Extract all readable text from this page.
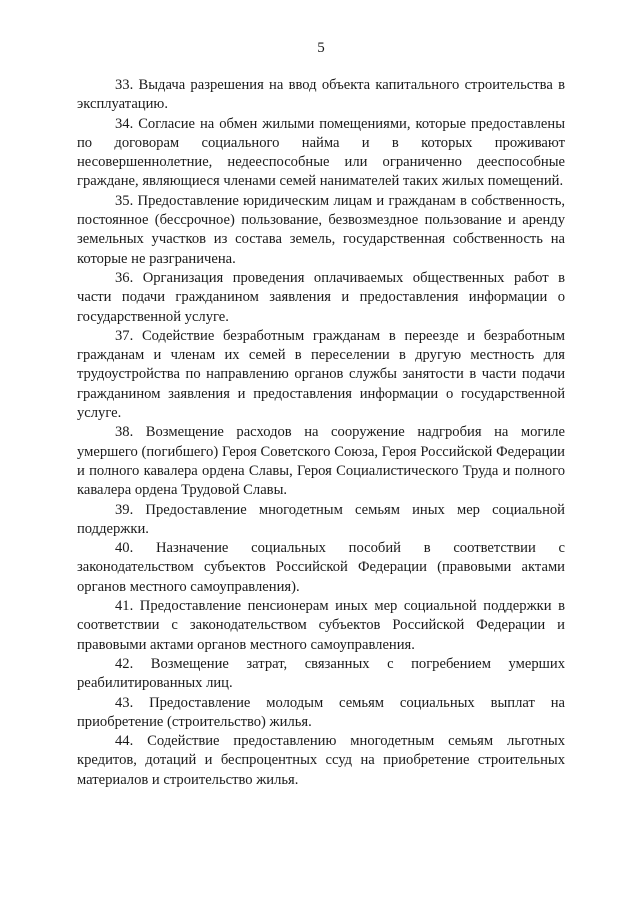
5

33. Выдача разрешения на ввод объекта капитального строительства в эксплуатацию.

34. Согласие на обмен жилыми помещениями, которые предоставлены по договорам социального найма и в которых проживают несовершеннолетние, недееспособные или ограниченно дееспособные граждане, являющиеся членами семей нанимателей таких жилых помещений.

35. Предоставление юридическим лицам и гражданам в собственность, постоянное (бессрочное) пользование, безвозмездное пользование и аренду земельных участков из состава земель, государственная собственность на которые не разграничена.

36. Организация проведения оплачиваемых общественных работ в части подачи гражданином заявления и предоставления информации о государственной услуге.

37. Содействие безработным гражданам в переезде и безработным гражданам и членам их семей в переселении в другую местность для трудоустройства по направлению органов службы занятости в части подачи гражданином заявления и предоставления информации о государственной услуге.

38. Возмещение расходов на сооружение надгробия на могиле умершего (погибшего) Героя Советского Союза, Героя Российской Федерации и полного кавалера ордена Славы, Героя Социалистического Труда и полного кавалера ордена Трудовой Славы.

39. Предоставление многодетным семьям иных мер социальной поддержки.

40. Назначение социальных пособий в соответствии с законодательством субъектов Российской Федерации (правовыми актами органов местного самоуправления).

41. Предоставление пенсионерам иных мер социальной поддержки в соответствии с законодательством субъектов Российской Федерации и правовыми актами органов местного самоуправления.

42. Возмещение затрат, связанных с погребением умерших реабилитированных лиц.

43. Предоставление молодым семьям социальных выплат на приобретение (строительство) жилья.

44. Содействие предоставлению многодетным семьям льготных кредитов, дотаций и беспроцентных ссуд на приобретение строительных материалов и строительство жилья.
